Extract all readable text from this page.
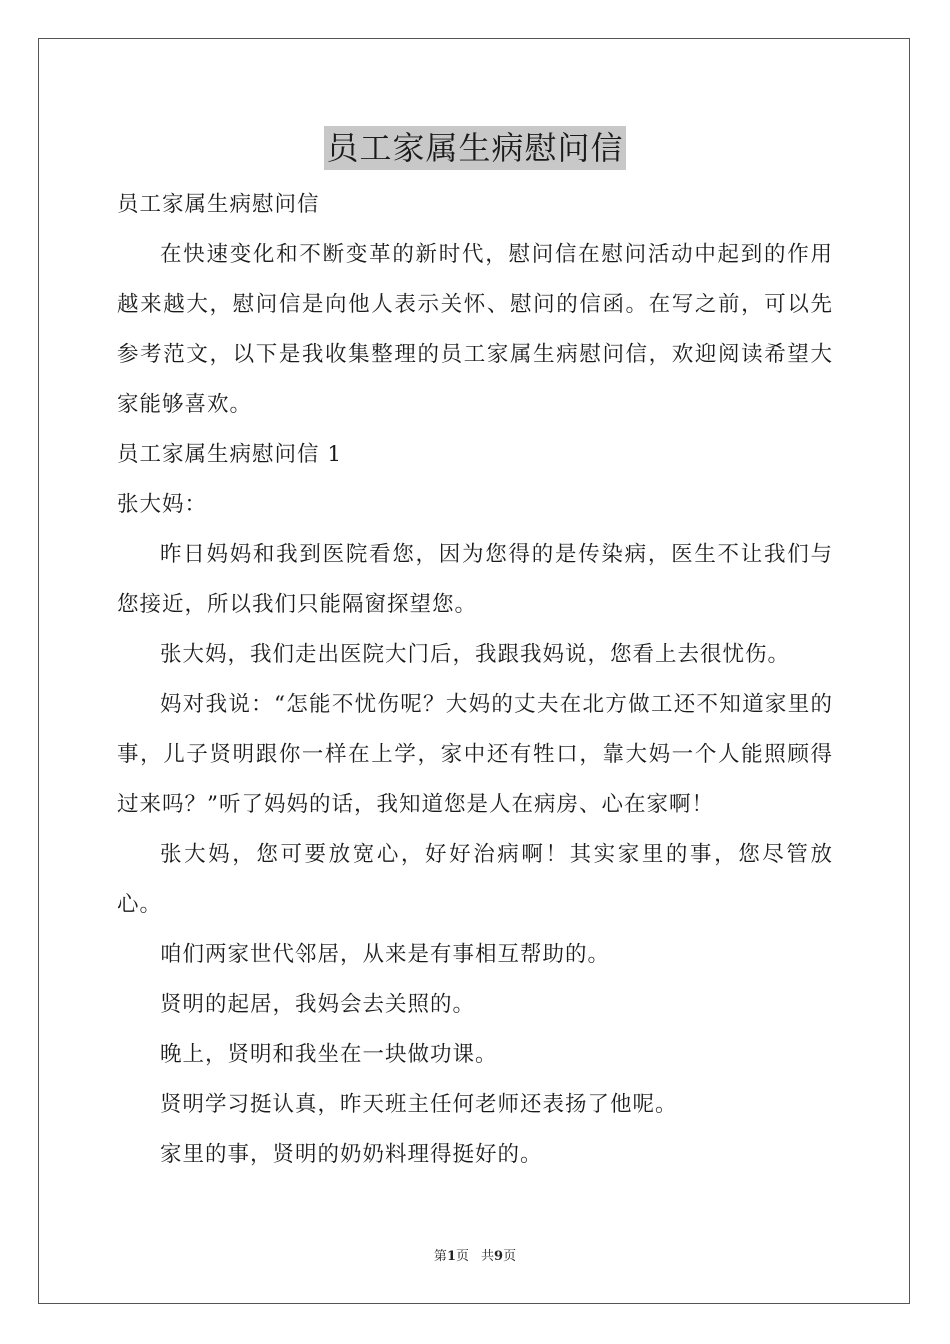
员工家属生病慰问信

员工家属生病慰问信

在快速变化和不断变革的新时代，慰问信在慰问活动中起到的作用越来越大，慰问信是向他人表示关怀、慰问的信函。在写之前，可以先参考范文，以下是我收集整理的员工家属生病慰问信，欢迎阅读希望大家能够喜欢。

员工家属生病慰问信 1

张大妈：

昨日妈妈和我到医院看您，因为您得的是传染病，医生不让我们与您接近，所以我们只能隔窗探望您。

张大妈，我们走出医院大门后，我跟我妈说，您看上去很忧伤。

妈对我说：“怎能不忧伤呢？大妈的丈夫在北方做工还不知道家里的事，儿子贤明跟你一样在上学，家中还有牲口，靠大妈一个人能照顾得过来吗？”听了妈妈的话，我知道您是人在病房、心在家啊！

张大妈，您可要放宽心，好好治病啊！其实家里的事，您尽管放心。

咱们两家世代邻居，从来是有事相互帮助的。

贤明的起居，我妈会去关照的。

晚上，贤明和我坐在一块做功课。

贤明学习挺认真，昨天班主任何老师还表扬了他呢。

家里的事，贤明的奶奶料理得挺好的。

第1页 共9页
